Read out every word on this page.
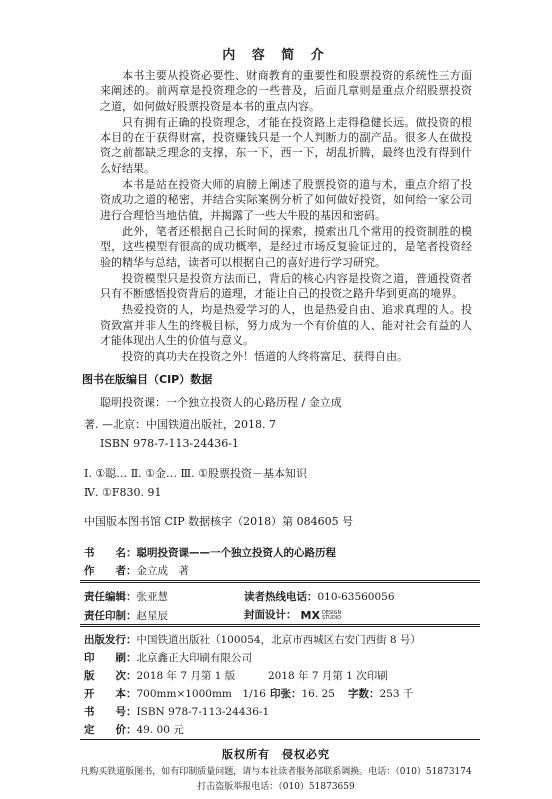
内 容 简 介

本书主要从投资必要性、财商教育的重要性和股票投资的系统性三方面来阐述的。前两章是投资理念的一些普及，后面几章则是重点介绍股票投资之道，如何做好股票投资是本书的重点内容。

只有拥有正确的投资理念，才能在投资路上走得稳健长远。做投资的根本目的在于获得财富，投资赚钱只是一个人判断力的副产品。很多人在做投资之前都缺乏理念的支撑，东一下，西一下，胡乱折腾，最终也没有得到什么好结果。

本书是站在投资大师的肩膀上阐述了股票投资的道与术，重点介绍了投资成功之道的秘密，并结合实际案例分析了如何做好投资，如何给一家公司进行合理恰当地估值，并揭露了一些大牛股的基因和密码。

此外，笔者还根据自己长时间的探索，摸索出几个常用的投资制胜的模型，这些模型有很高的成功概率，是经过市场反复验证过的，是笔者投资经验的精华与总结，读者可以根据自己的喜好进行学习研究。

投资模型只是投资方法而已，背后的核心内容是投资之道，普通投资者只有不断感悟投资背后的道理，才能让自己的投资之路升华到更高的境界。

热爱投资的人，均是热爱学习的人，也是热爱自由、追求真理的人。投资致富并非人生的终极目标，努力成为一个有价值的人、能对社会有益的人才能体现出人生的价值与意义。

投资的真功夫在投资之外！悟道的人终将富足、获得自由。

图书在版编目（CIP）数据
聪明投资课：一个独立投资人的心路历程 / 金立成
著. —北京：中国铁道出版社，2018. 7
ISBN 978-7-113-24436-1
Ⅰ. ①聪… Ⅱ. ①金… Ⅲ. ①股票投资－基本知识
Ⅳ. ①F830. 91
中国版本图书馆 CIP 数据核字（2018）第 084605 号
书　　名：聪明投资课——一个独立投资人的心路历程
作　　者：金立成　著
责任编辑：张亚慧	读者热线电话：010-63560056
责任印制：赵星辰	封面设计： MX DESIGN
STUDIO
出版发行：中国铁道出版社（100054，北京市西城区右安门西街 8 号）
印　　刷：北京鑫正大印刷有限公司
版　　次：2018 年 7 月第 1 版	2018 年 7 月第 1 次印刷
开　　本：700mm×1000mm　1/16 印张：16. 25 字数：253 千
书　　号：ISBN 978-7-113-24436-1
定　　价：49. 00 元
版权所有　侵权必究
凡购买铁道版图书，如有印制质量问题，请与本社读者服务部联系调换。电话：（010）51873174
打击盗版举报电话：（010）51873659
